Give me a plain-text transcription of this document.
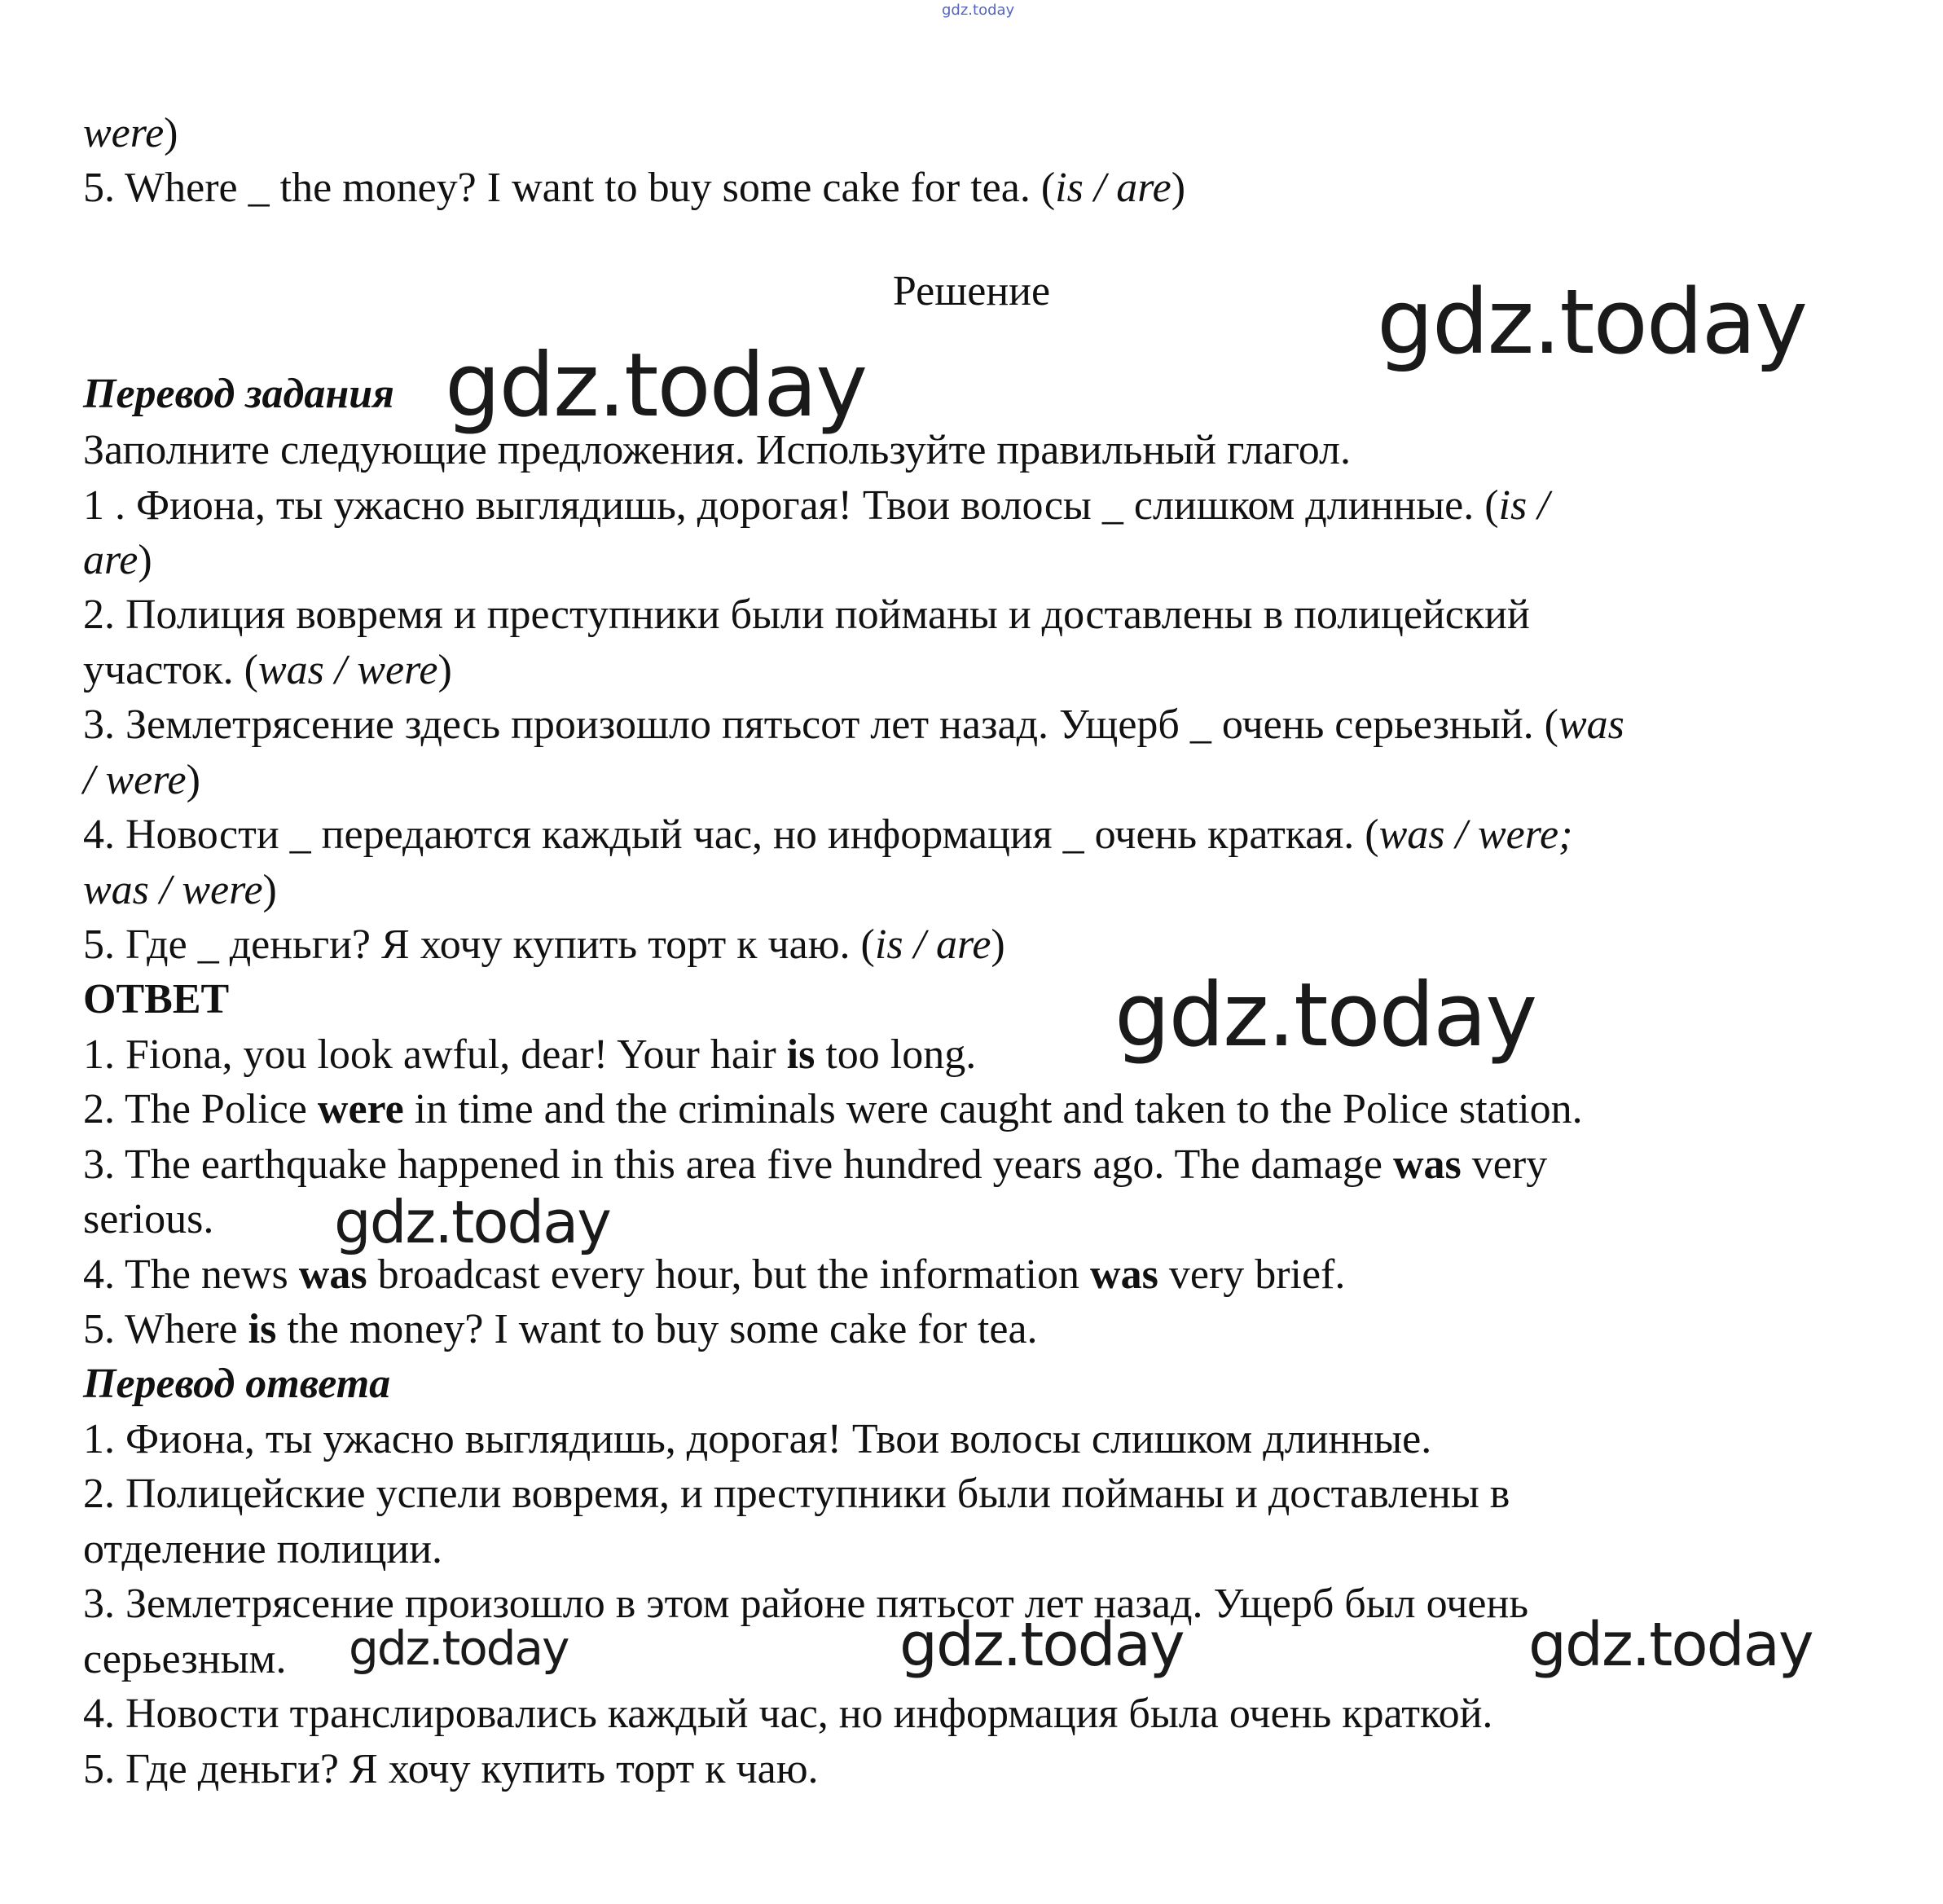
gdz.today
were)
5. Where _ the money? I want to buy some cake for tea. (is / are)
Решение
Перевод задания
Заполните следующие предложения. Используйте правильный глагол.
1 . Фиона, ты ужасно выглядишь, дорогая! Твои волосы _ слишком длинные. (is /
are)
2. Полиция вовремя и преступники были пойманы и доставлены в полицейский
участок. (was / were)
3. Землетрясение здесь произошло пятьсот лет назад. Ущерб _ очень серьезный. (was
/ were)
4. Новости _ передаются каждый час, но информация _ очень краткая. (was / were;
was / were)
5. Где _ деньги? Я хочу купить торт к чаю. (is / are)
ОТВЕТ
1. Fiona, you look awful, dear! Your hair is too long.
2. The Police were in time and the criminals were caught and taken to the Police station.
3. The earthquake happened in this area five hundred years ago. The damage was very
serious.
4. The news was broadcast every hour, but the information was very brief.
5. Where is the money? I want to buy some cake for tea.
Перевод ответа
1. Фиона, ты ужасно выглядишь, дорогая! Твои волосы слишком длинные.
2. Полицейские успели вовремя, и преступники были пойманы и доставлены в
отделение полиции.
3. Землетрясение произошло в этом районе пятьсот лет назад. Ущерб был очень
серьезным.
4. Новости транслировались каждый час, но информация была очень краткой.
5. Где деньги? Я хочу купить торт к чаю.
gdz.today
gdz.today
gdz.today
gdz.today
gdz.today	gdz.today	gdz.today
